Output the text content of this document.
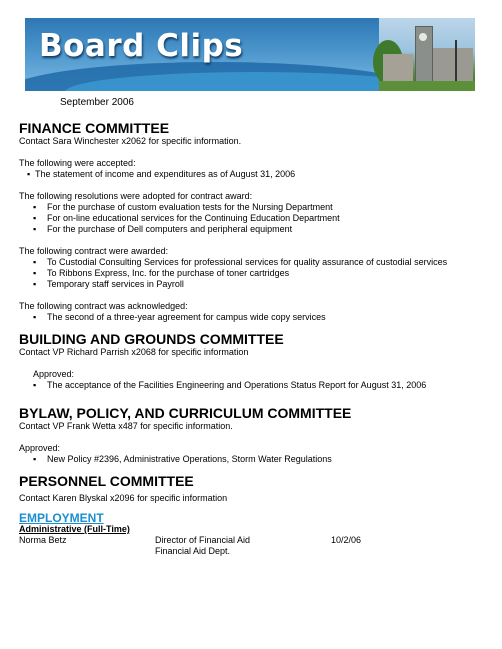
Board Clips
September 2006

FINANCE COMMITTEE

Contact Sara Winchester x2062 for specific information.

The following were accepted:

▪ The statement of income and expenditures as of August 31, 2006

The following resolutions were adopted for contract award:

▪ For the purchase of custom evaluation tests for the Nursing Department
▪ For on-line educational services for the Continuing Education Department
▪ For the purchase of Dell computers and peripheral equipment

The following contract were awarded:

▪ To Custodial Consulting Services for professional services for quality assurance of custodial services
▪ To Ribbons Express, Inc. for the purchase of toner cartridges
▪ Temporary staff services in Payroll

The following contract was acknowledged:

▪ The second of a three-year agreement for campus wide copy services

BUILDING AND GROUNDS COMMITTEE

Contact VP Richard Parrish x2068 for specific information

Approved:

▪ The acceptance of the Facilities Engineering and Operations Status Report for August 31, 2006

BYLAW, POLICY, AND CURRICULUM COMMITTEE

Contact VP Frank Wetta x487 for specific information.

Approved:

▪ New Policy #2396, Administrative Operations, Storm Water Regulations

PERSONNEL COMMITTEE

Contact Karen Blyskal x2096 for specific information

EMPLOYMENT
Administrative (Full-Time)
Norma Betz	Director of Financial Aid	10/2/06
Financial Aid Dept.
